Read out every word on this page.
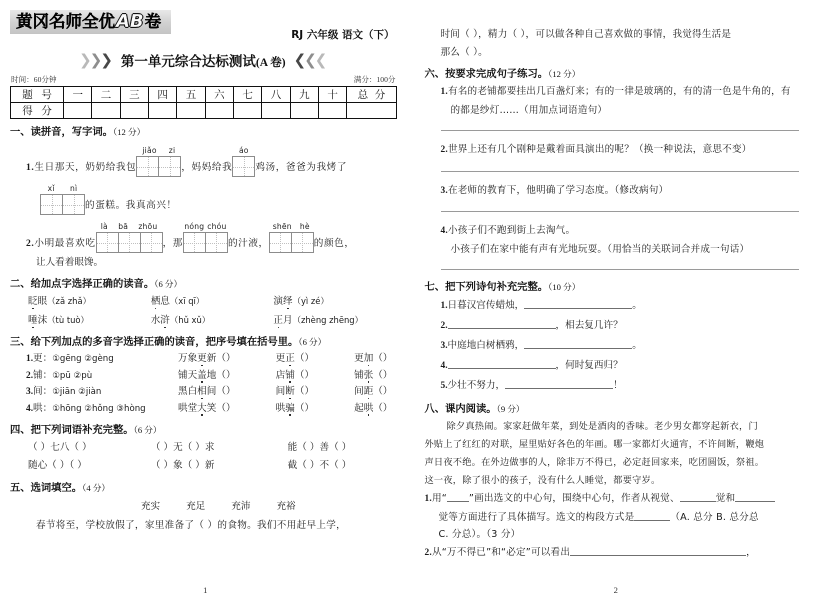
黄冈名师全优AB卷
RJ 六年级 语文（下）
❯
❯
❯ 第一单元综合达标测试(A 卷) ❮
❮
❮
时间：60分钟	满分：100分
题 号	一	二	三	四	五	六	七	八	九	十	总 分
得 分											
一、读拼音，写字词。（12 分）
1. 生日那天，奶奶给我包
jiǎo zi
，妈妈给我
áo
鸡汤，爸爸为我烤了
xǐ nì
的蛋糕。我真高兴！
2. 小明最喜欢吃
là bā zhōu
，那
nóng chóu
的汁液，
shēn hè
的颜色，
让人看着眼馋。
二、给加点字选择正确的读音。（6 分）
眨眼（zǎ zhǎ）	栖息（xī qī）	演绎（yì zé）
唾沫（tù tuò）	水浒（hǔ xǔ）	正月（zhèng zhēng）
三、给下列加点的多音字选择正确的读音，把序号填在括号里。（6 分）
1.更：①gēng ②gèng	万象更新（）	更正（）	更加（）
2.铺：①pū ②pù	铺天盖地（）	店铺（）	铺张（）
3.间：①jiān ②jiàn	黑白相间（）	间断（）	间距（）
4.哄：①hōng ②hǒng ③hòng	哄堂大笑（）	哄骗（）	起哄（）
四、把下列词语补充完整。（6 分）
（ ）七八（ ）	（ ）无（ ）求	能（ ）善（ ）
随心（ ）（ ）	（ ）象（ ）新	截（ ）不（ ）
五、选词填空。（4 分）
充实	充足	充沛	充裕
春节将至，学校放假了，家里准备了（ ）的食物。我们不用赶早上学，
1
时间（ ），精力（ ），可以做各种自己喜欢做的事情，我觉得生活是
那么（ ）。
六、按要求完成句子练习。（12 分）
1.有名的老铺都要挂出几百盏灯来；有的一律是玻璃的，有的清一色是牛角的，有
的都是纱灯……（用加点词语造句）
2.世界上还有几个剧种是戴着面具演出的呢？（换一种说法，意思不变）
3.在老师的教育下，他明确了学习态度。（修改病句）
4.小孩子们不跑到街上去淘气。
小孩子们在家中能有声有光地玩耍。（用恰当的关联词合并成一句话）
七、把下列诗句补充完整。（10 分）
1.日暮汉宫传蜡烛，	。
2.	，相去复几许？
3.中庭地白树栖鸦，	。
4.	，何时复西归？
5.少壮不努力，	！
八、课内阅读。（9 分）
除夕真热闹。家家赶做年菜，到处是酒肉的香味。老少男女都穿起新衣，门
外贴上了红红的对联，屋里贴好各色的年画。哪一家都灯火通宵，不许间断，鞭炮
声日夜不绝。在外边做事的人，除非万不得已，必定赶回家来，吃团圆饭，祭祖。
这一夜，除了很小的孩子，没有什么人睡觉，都要守岁。
1.用“ ”画出选文的中心句，围绕中心句，作者从视觉、	觉和
觉等方面进行了具体描写。选文的构段方式是	（A. 总分 B. 总分总
C. 分总）。（3 分）
2.从“万不得已”和“必定”可以看出	，
2
